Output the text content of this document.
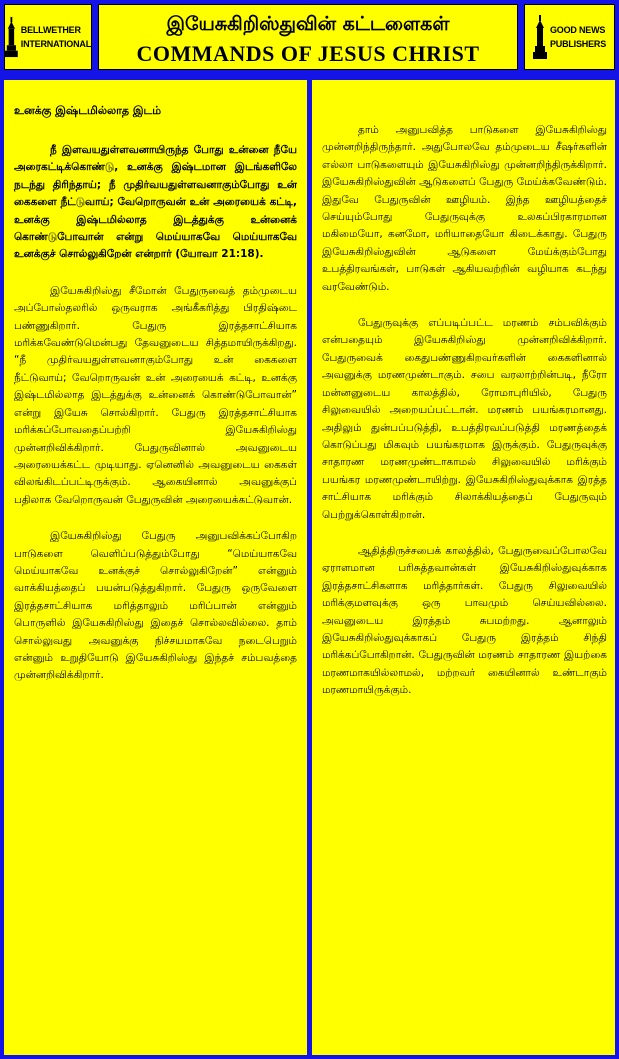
BELLWETHER
INTERNATIONAL
இயேசுகிறிஸ்துவின் கட்டளைகள்
COMMANDS OF JESUS CHRIST
GOOD NEWS
PUBLISHERS
உனக்கு இஷ்டமில்லாத இடம்

நீ இளவயதுள்ளவனாயிருந்த போது உன்னை நீயே அரைகட்டிக்கொண்டு, உனக்கு இஷ்டமான இடங்களிலே நடந்து திரிந்தாய்; நீ முதிர்வயதுள்ளவனாகும்போது உன் கைகளை நீட்டுவாய்; வேறொருவன் உன் அரையைக் கட்டி, உனக்கு இஷ்டமில்லாத இடத்துக்கு உன்னைக் கொண்டுபோவான் என்று மெய்யாகவே மெய்யாகவே உனக்குச் சொல்லுகிறேன் என்றார் (யோவா 21:18).

இயேசுகிறிஸ்து சீமோன் பேதுருவைத் தம்முடைய அப்போஸ்தலரில் ஒருவராக அங்கீகரித்து பிரதிஷ்டை பண்ணுகிறார். பேதுரு இரத்தசாட்சியாக மரிக்கவேண்டுமென்பது தேவனுடைய சித்தமாயிருக்கிறது. “நீ முதிர்வயதுள்ளவனாகும்போது உன் கைகளை நீட்டுவாய்; வேறொருவன் உன் அரையைக் கட்டி, உனக்கு இஷ்டமில்லாத இடத்துக்கு உன்னைக் கொண்டுபோவான்” என்று இயேசு சொல்கிறார். பேதுரு இரத்தசாட்சியாக மரிக்கப்போவதைப்பற்றி இயேசுகிறிஸ்து முன்னறிவிக்கிறார். பேதுருவினால் அவனுடைய அரையைக்கட்ட முடியாது. ஏனெனில் அவனுடைய கைகள் விலங்கிடப்பட்டிருக்கும். ஆகையினால் அவனுக்குப் பதிலாக வேறொருவன் பேதுருவின் அரையைக்கட்டுவான்.

இயேசுகிறிஸ்து பேதுரு அனுபவிக்கப்போகிற பாடுகளை வெளிப்படுத்தும்போது “மெய்யாகவே மெய்யாகவே உனக்குச் சொல்லுகிறேன்” என்னும் வாக்கியத்தைப் பயன்படுத்துகிறார். பேதுரு ஒருவேளை இரத்தசாட்சியாக மரித்தாலும் மரிப்பான் என்னும் பொருளில் இயேசுகிறிஸ்து இதைச் சொல்லவில்லை. தாம் சொல்லுவது அவனுக்கு நிச்சயமாகவே நடைபெறும் என்னும் உறுதியோடு இயேசுகிறிஸ்து இந்தச் சம்பவத்தை முன்னறிவிக்கிறார்.

தாம் அனுபவித்த பாடுகளை இயேசுகிறிஸ்து முன்னறிந்திருந்தார். அதுபோலவே தம்முடைய சீஷர்களின் எல்லா பாடுகளையும் இயேசுகிறிஸ்து முன்னறிந்திருக்கிறார். இயேசுகிறிஸ்துவின் ஆடுகளைப் பேதுரு மேய்க்கவேண்டும். இதுவே பேதுருவின் ஊழியம். இந்த ஊழியத்தைச் செய்யும்போது பேதுருவுக்கு உலகப்பிரகாரமான மகிமையோ, கனமோ, மரியாதையோ கிடைக்காது. பேதுரு இயேசுகிறிஸ்துவின் ஆடுகளை மேய்க்கும்போது உபத்திரவங்கள், பாடுகள் ஆகியவற்றின் வழியாக கடந்து வரவேண்டும்.

பேதுருவுக்கு எப்படிப்பட்ட மரணம் சம்பவிக்கும் என்பதையும் இயேசுகிறிஸ்து முன்னறிவிக்கிறார். பேதுருவைக் கைதுபண்ணுகிறவர்களின் கைகளினால் அவனுக்கு மரணமுண்டாகும். சபை வரலாற்றின்படி, நீரோ மன்னனுடைய காலத்தில், ரோமாபுரியில், பேதுரு சிலுவையில் அறையப்பட்டான். மரணம் பயங்கரமானது. அதிலும் துன்பப்படுத்தி, உபத்திரவப்படுத்தி மரணத்தைக் கொடுப்பது மிகவும் பயங்கரமாக இருக்கும். பேதுருவுக்கு சாதாரண மரணமுண்டாகாமல் சிலுவையில் மரிக்கும் பயங்கர மரணமுண்டாயிற்று. இயேசுகிறிஸ்துவுக்காக இரத்த சாட்சியாக மரிக்கும் சிலாக்கியத்தைப் பேதுருவும் பெற்றுக்கொள்கிறான்.

ஆதித்திருச்சபைக் காலத்தில், பேதுருவைப்போலவே ஏராளமான பரிசுத்தவான்கள் இயேசுகிறிஸ்துவுக்காக இரத்தசாட்சிகளாக மரித்தார்கள். பேதுரு சிலுவையில் மரிக்குமளவுக்கு ஒரு பாவமும் செய்யவில்லை. அவனுடைய இரத்தம் சுபமற்றது. ஆனாலும் இயேசுகிறிஸ்துவுக்காகப் பேதுரு இரத்தம் சிந்தி மரிக்கப்போகிறான். பேதுருவின் மரணம் சாதாரண இயற்கை மரணமாகயில்லாமல், மற்றவர் கையினால் உண்டாகும் மரணமாயிருக்கும்.
